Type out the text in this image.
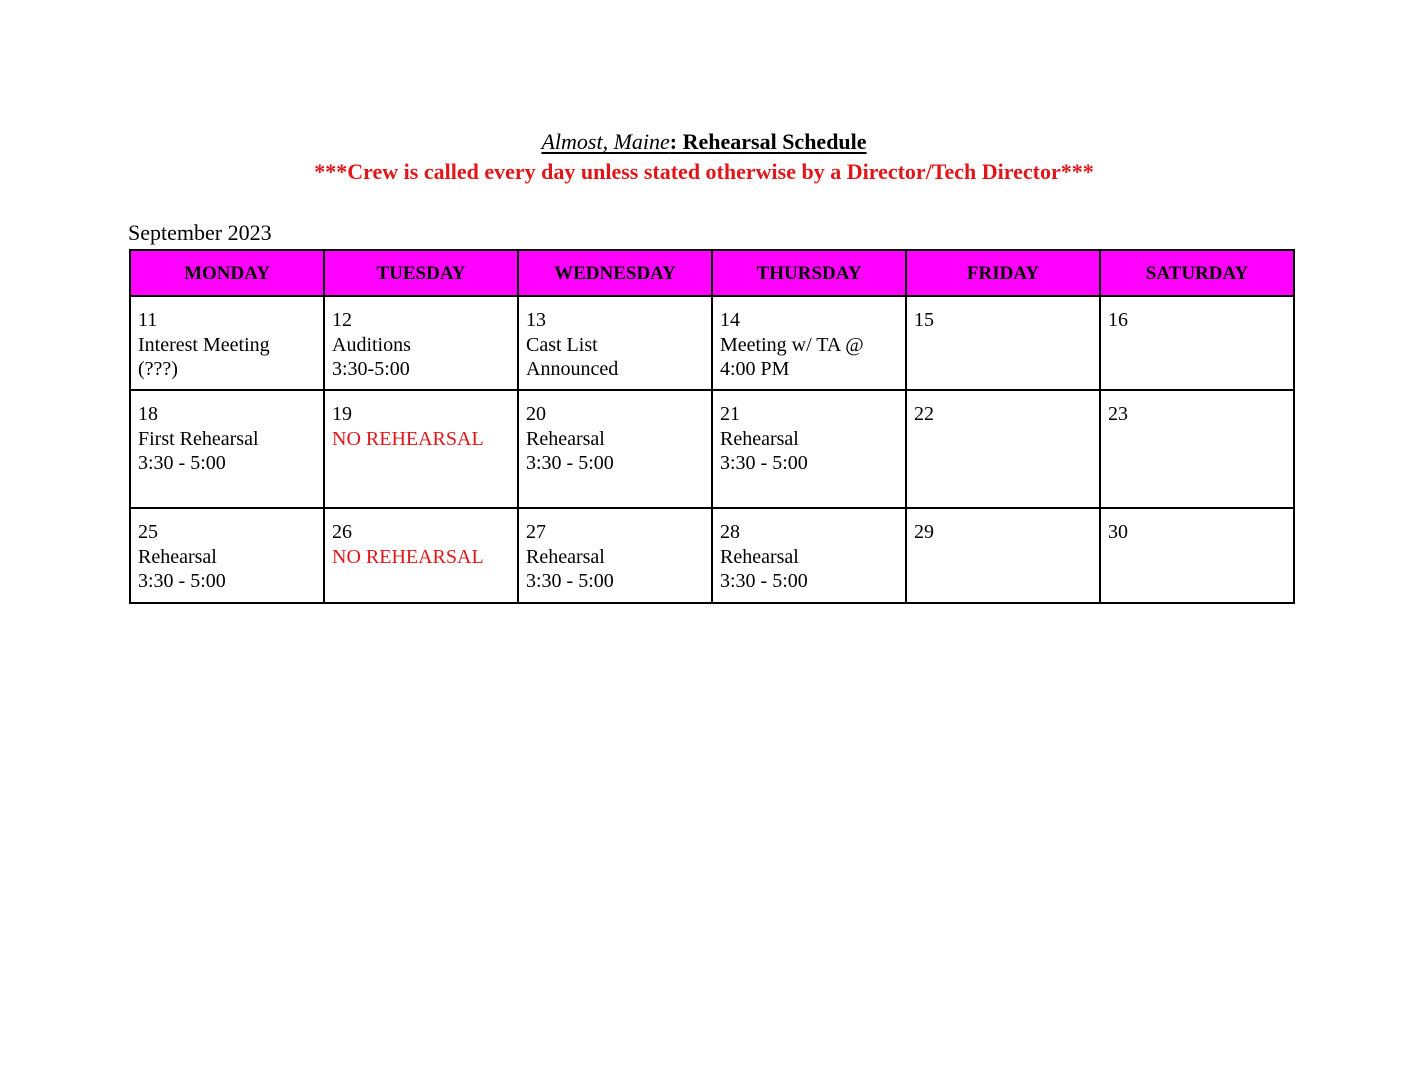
Almost, Maine: Rehearsal Schedule
***Crew is called every day unless stated otherwise by a Director/Tech Director***
September 2023
MONDAY	TUESDAY	WEDNESDAY	THURSDAY	FRIDAY	SATURDAY

11
Interest Meeting
(???)	12
Auditions
3:30-5:00	13
Cast List
Announced	14
Meeting w/ TA @
4:00 PM	15	16

18
First Rehearsal
3:30 - 5:00	19
NO REHEARSAL	20
Rehearsal
3:30 - 5:00	21
Rehearsal
3:30 - 5:00	22	23

25
Rehearsal
3:30 - 5:00	26
NO REHEARSAL	27
Rehearsal
3:30 - 5:00	28
Rehearsal
3:30 - 5:00	29	30
